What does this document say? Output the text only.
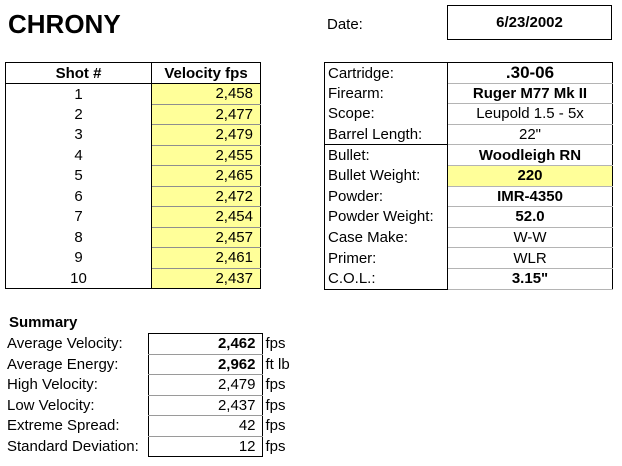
CHRONY	Date:	6/23/2002
Shot #	Velocity fps
1	2,458
2	2,477
3	2,479
4	2,455
5	2,465
6	2,472
7	2,454
8	2,457
9	2,461
10	2,437
Cartridge:	.30-06
Firearm:	Ruger M77 Mk II
Scope:	Leupold 1.5 - 5x
Barrel Length:	22"
Bullet:	Woodleigh RN
Bullet Weight:	220
Powder:	IMR-4350
Powder Weight:	52.0
Case Make:	W-W
Primer:	WLR
C.O.L.:	3.15"
Summary
Average Velocity:	2,462	fps
Average Energy:	2,962	ft lb
High Velocity:	2,479	fps
Low Velocity:	2,437	fps
Extreme Spread:	42	fps
Standard Deviation:	12	fps
